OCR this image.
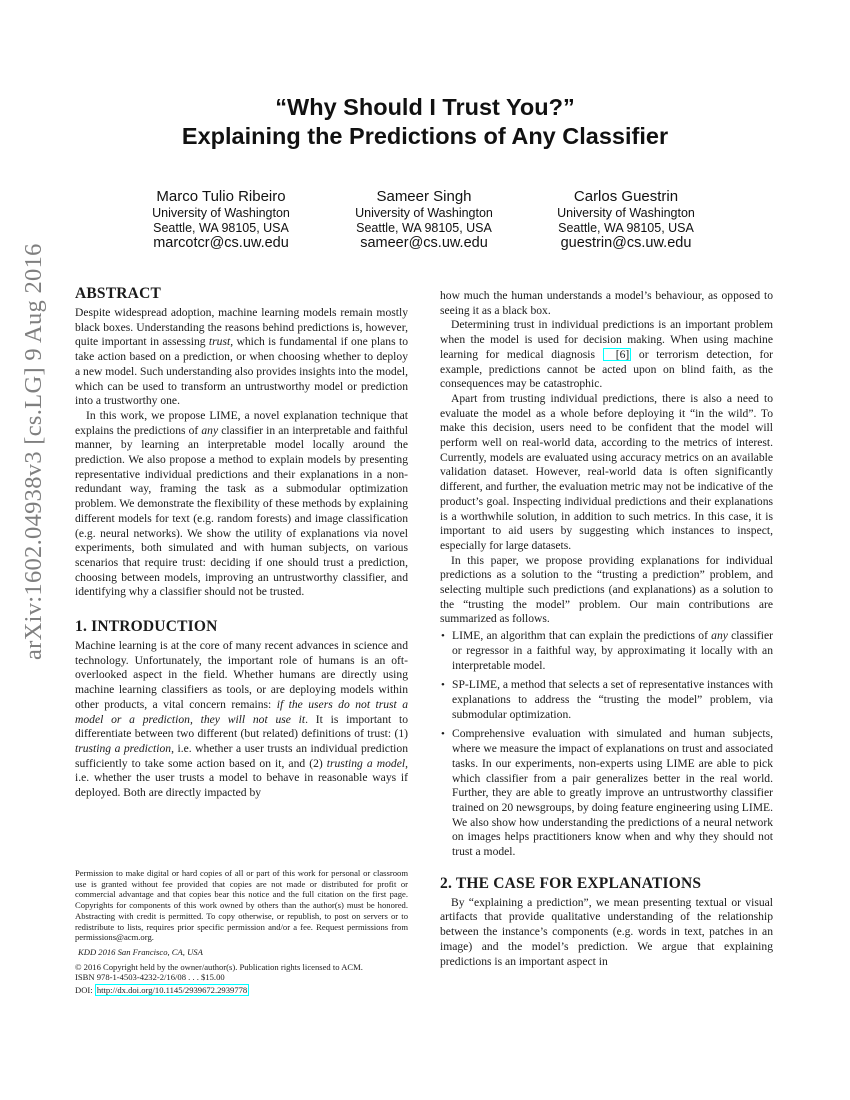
arXiv:1602.04938v3 [cs.LG] 9 Aug 2016
“Why Should I Trust You?”
Explaining the Predictions of Any Classifier
Marco Tulio Ribeiro
University of Washington
Seattle, WA 98105, USA
marcotcr@cs.uw.edu
Sameer Singh
University of Washington
Seattle, WA 98105, USA
sameer@cs.uw.edu
Carlos Guestrin
University of Washington
Seattle, WA 98105, USA
guestrin@cs.uw.edu
ABSTRACT

Despite widespread adoption, machine learning models remain mostly black boxes. Understanding the reasons behind predictions is, however, quite important in assessing trust, which is fundamental if one plans to take action based on a prediction, or when choosing whether to deploy a new model. Such understanding also provides insights into the model, which can be used to transform an untrustworthy model or prediction into a trustworthy one.

In this work, we propose LIME, a novel explanation technique that explains the predictions of any classifier in an interpretable and faithful manner, by learning an interpretable model locally around the prediction. We also propose a method to explain models by presenting representative individual predictions and their explanations in a non-redundant way, framing the task as a submodular optimization problem. We demonstrate the flexibility of these methods by explaining different models for text (e.g. random forests) and image classification (e.g. neural networks). We show the utility of explanations via novel experiments, both simulated and with human subjects, on various scenarios that require trust: deciding if one should trust a prediction, choosing between models, improving an untrustworthy classifier, and identifying why a classifier should not be trusted.

1. INTRODUCTION

Machine learning is at the core of many recent advances in science and technology. Unfortunately, the important role of humans is an oft-overlooked aspect in the field. Whether humans are directly using machine learning classifiers as tools, or are deploying models within other products, a vital concern remains: if the users do not trust a model or a prediction, they will not use it. It is important to differentiate between two different (but related) definitions of trust: (1) trusting a prediction, i.e. whether a user trusts an individual prediction sufficiently to take some action based on it, and (2) trusting a model, i.e. whether the user trusts a model to behave in reasonable ways if deployed. Both are directly impacted by

Permission to make digital or hard copies of all or part of this work for personal or classroom use is granted without fee provided that copies are not made or distributed for profit or commercial advantage and that copies bear this notice and the full citation on the first page. Copyrights for components of this work owned by others than the author(s) must be honored. Abstracting with credit is permitted. To copy otherwise, or republish, to post on servers or to redistribute to lists, requires prior specific permission and/or a fee. Request permissions from permissions@acm.org.

KDD 2016 San Francisco, CA, USA
© 2016 Copyright held by the owner/author(s). Publication rights licensed to ACM.
ISBN 978-1-4503-4232-2/16/08 . . . $15.00
DOI: http://dx.doi.org/10.1145/2939672.2939778

how much the human understands a model’s behaviour, as opposed to seeing it as a black box.

Determining trust in individual predictions is an important problem when the model is used for decision making. When using machine learning for medical diagnosis [6] or terrorism detection, for example, predictions cannot be acted upon on blind faith, as the consequences may be catastrophic.

Apart from trusting individual predictions, there is also a need to evaluate the model as a whole before deploying it “in the wild”. To make this decision, users need to be confident that the model will perform well on real-world data, according to the metrics of interest. Currently, models are evaluated using accuracy metrics on an available validation dataset. However, real-world data is often significantly different, and further, the evaluation metric may not be indicative of the product’s goal. Inspecting individual predictions and their explanations is a worthwhile solution, in addition to such metrics. In this case, it is important to aid users by suggesting which instances to inspect, especially for large datasets.

In this paper, we propose providing explanations for individual predictions as a solution to the “trusting a prediction” problem, and selecting multiple such predictions (and explanations) as a solution to the “trusting the model” problem. Our main contributions are summarized as follows.

• LIME, an algorithm that can explain the predictions of any classifier or regressor in a faithful way, by approximating it locally with an interpretable model.

• SP-LIME, a method that selects a set of representative instances with explanations to address the “trusting the model” problem, via submodular optimization.

• Comprehensive evaluation with simulated and human subjects, where we measure the impact of explanations on trust and associated tasks. In our experiments, non-experts using LIME are able to pick which classifier from a pair generalizes better in the real world. Further, they are able to greatly improve an untrustworthy classifier trained on 20 newsgroups, by doing feature engineering using LIME. We also show how understanding the predictions of a neural network on images helps practitioners know when and why they should not trust a model.

2. THE CASE FOR EXPLANATIONS

By “explaining a prediction”, we mean presenting textual or visual artifacts that provide qualitative understanding of the relationship between the instance’s components (e.g. words in text, patches in an image) and the model’s prediction. We argue that explaining predictions is an important aspect in
